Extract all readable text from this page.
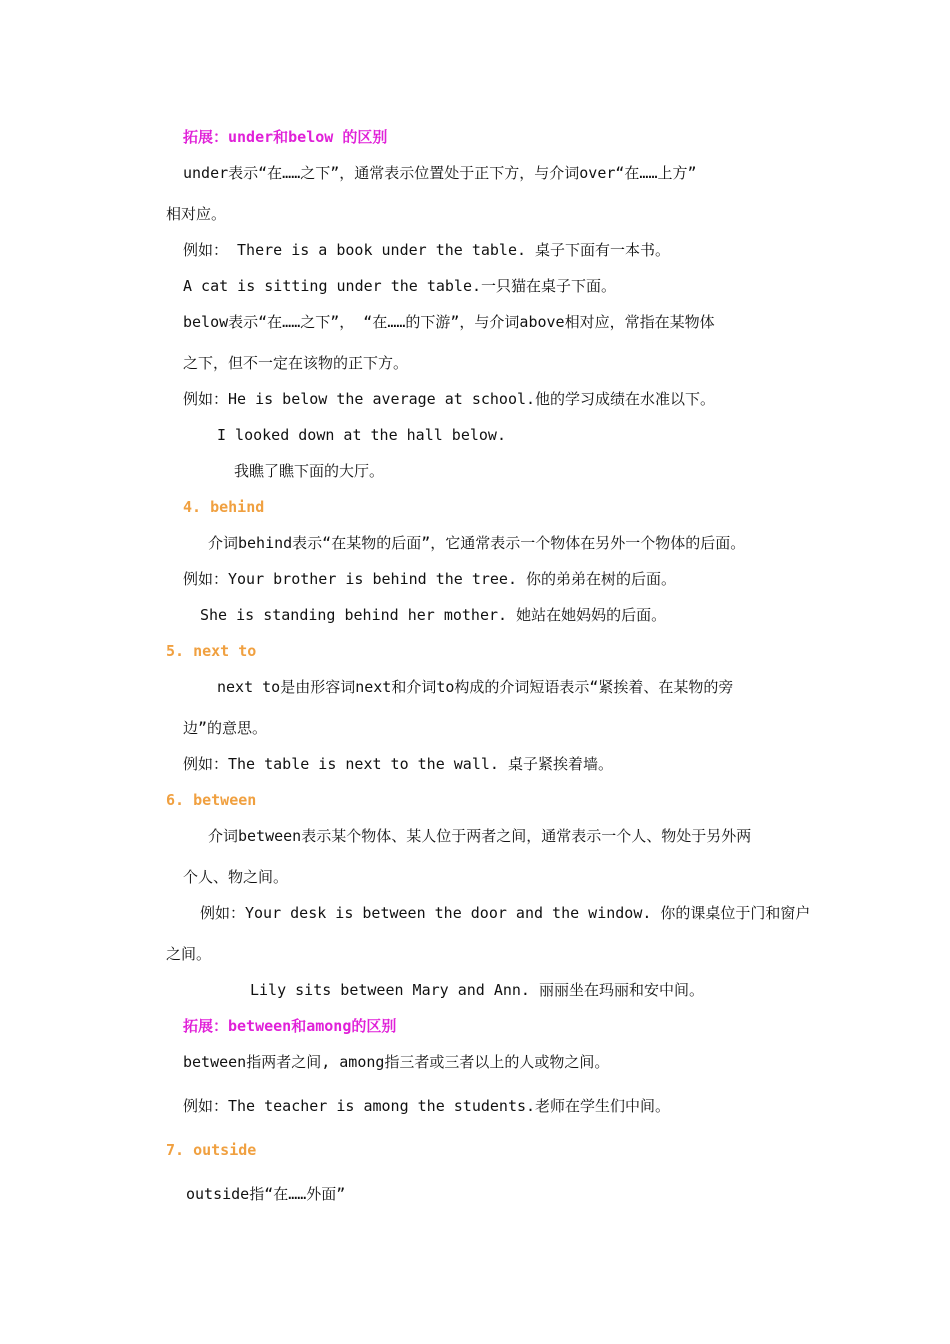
拓展：under和below 的区别
under表示“在……之下”，通常表示位置处于正下方，与介词over“在……上方”
相对应。
例如： There is a book under the table. 桌子下面有一本书。
A cat is sitting under the table.一只猫在桌子下面。
below表示“在……之下”， “在……的下游”，与介词above相对应，常指在某物体
之下，但不一定在该物的正下方。
例如：He is below the average at school.他的学习成绩在水准以下。
I looked down at the hall below.
我瞧了瞧下面的大厅。
4. behind
介词behind表示“在某物的后面”，它通常表示一个物体在另外一个物体的后面。
例如：Your brother is behind the tree. 你的弟弟在树的后面。
She is standing behind her mother. 她站在她妈妈的后面。
5. next to
next to是由形容词next和介词to构成的介词短语表示“紧挨着、在某物的旁
边”的意思。
例如：The table is next to the wall. 桌子紧挨着墙。
6. between
介词between表示某个物体、某人位于两者之间，通常表示一个人、物处于另外两
个人、物之间。
例如：Your desk is between the door and the window. 你的课桌位于门和窗户
之间。
Lily sits between Mary and Ann. 丽丽坐在玛丽和安中间。
拓展：between和among的区别
between指两者之间, among指三者或三者以上的人或物之间。
例如：The teacher is among the students.老师在学生们中间。
7. outside
outside指“在……外面”
